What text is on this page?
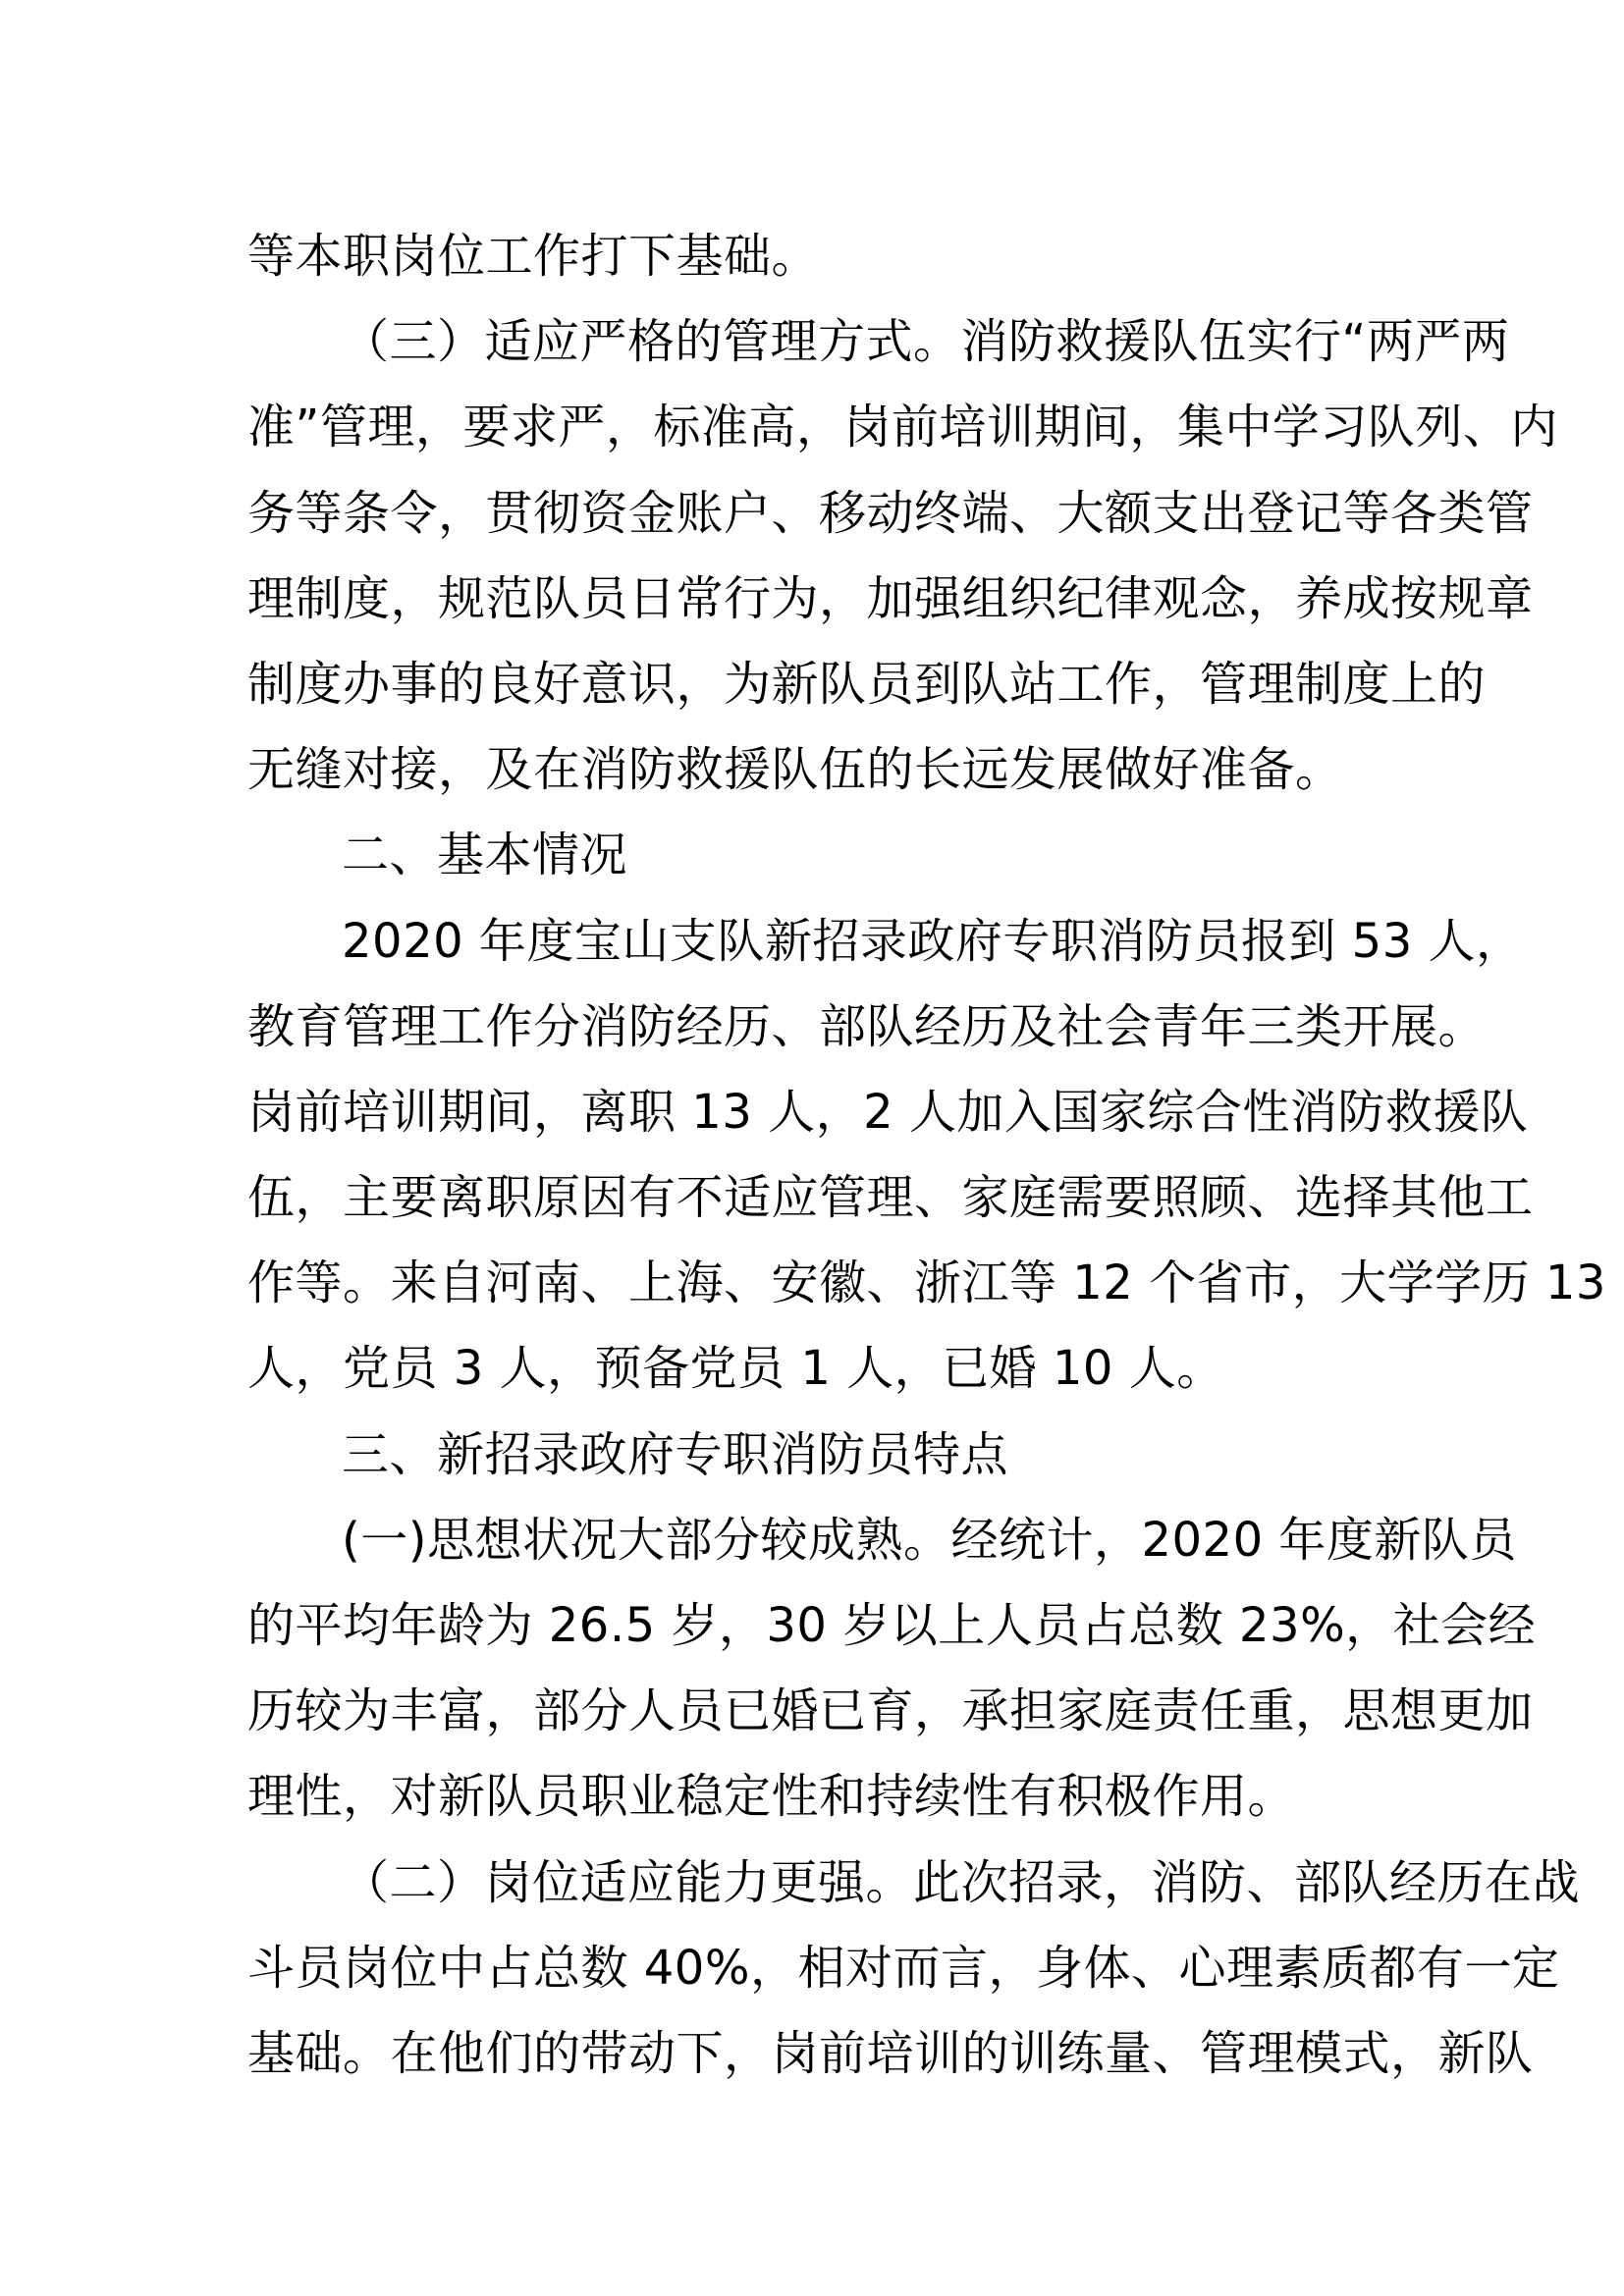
等本职岗位工作打下基础。
（三）适应严格的管理方式。消防救援队伍实行“两严两
准”管理，要求严，标准高，岗前培训期间，集中学习队列、内
务等条令，贯彻资金账户、移动终端、大额支出登记等各类管
理制度，规范队员日常行为，加强组织纪律观念，养成按规章
制度办事的良好意识，为新队员到队站工作，管理制度上的
无缝对接，及在消防救援队伍的长远发展做好准备。
二、基本情况
2020 年度宝山支队新招录政府专职消防员报到 53 人，
教育管理工作分消防经历、部队经历及社会青年三类开展。
岗前培训期间，离职 13 人，2 人加入国家综合性消防救援队
伍，主要离职原因有不适应管理、家庭需要照顾、选择其他工
作等。来自河南、上海、安徽、浙江等 12 个省市，大学学历 13
人，党员 3 人，预备党员 1 人，已婚 10 人。
三、新招录政府专职消防员特点
(一)思想状况大部分较成熟。经统计，2020 年度新队员
的平均年龄为 26.5 岁，30 岁以上人员占总数 23%，社会经
历较为丰富，部分人员已婚已育，承担家庭责任重，思想更加
理性，对新队员职业稳定性和持续性有积极作用。
（二）岗位适应能力更强。此次招录，消防、部队经历在战
斗员岗位中占总数 40%，相对而言，身体、心理素质都有一定
基础。在他们的带动下，岗前培训的训练量、管理模式，新队
